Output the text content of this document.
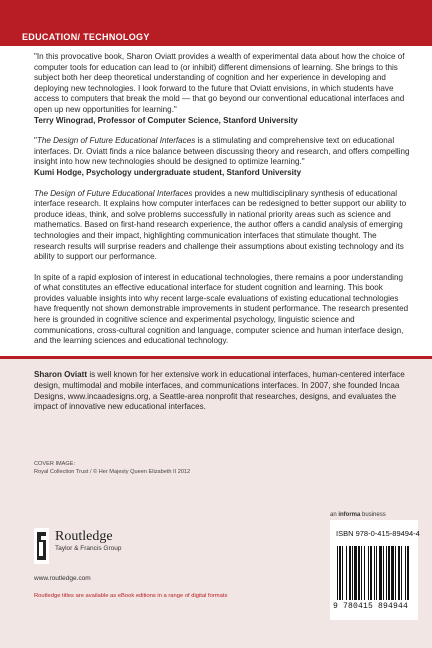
EDUCATION/ TECHNOLOGY

"In this provocative book, Sharon Oviatt provides a wealth of experimental data about how the choice of computer tools for education can lead to (or inhibit) different dimensions of learning. She brings to this subject both her deep theoretical understanding of cognition and her experience in developing and deploying new technologies. I look forward to the future that Oviatt envisions, in which students have access to computers that break the mold — that go beyond our conventional educational interfaces and open up new opportunities for learning."

Terry Winograd, Professor of Computer Science, Stanford University

"The Design of Future Educational Interfaces is a stimulating and comprehensive text on educational interfaces. Dr. Oviatt finds a nice balance between discussing theory and research, and offers compelling insight into how new technologies should be designed to optimize learning."

Kumi Hodge, Psychology undergraduate student, Stanford University

The Design of Future Educational Interfaces provides a new multidisciplinary synthesis of educational interface research. It explains how computer interfaces can be redesigned to better support our ability to produce ideas, think, and solve problems successfully in national priority areas such as science and mathematics. Based on first-hand research experience, the author offers a candid analysis of emerging technologies and their impact, highlighting communication interfaces that stimulate thought. The research results will surprise readers and challenge their assumptions about existing technology and its ability to support our performance.

In spite of a rapid explosion of interest in educational technologies, there remains a poor understanding of what constitutes an effective educational interface for student cognition and learning. This book provides valuable insights into why recent large-scale evaluations of existing educational technologies have frequently not shown demonstrable improvements in student performance. The research presented here is grounded in cognitive science and experimental psychology, linguistic science and communications, cross-cultural cognition and language, computer science and human interface design, and the learning sciences and educational technology.

Sharon Oviatt is well known for her extensive work in educational interfaces, human-centered interface design, multimodal and mobile interfaces, and communications interfaces. In 2007, she founded Incaa Designs, www.incaadesigns.org, a Seattle-area nonprofit that researches, designs, and evaluates the impact of innovative new educational interfaces.

COVER IMAGE:
Royal Collection Trust / © Her Majesty Queen Elizabeth II 2012
an informa business
Routledge
Taylor & Francis Group
www.routledge.com
Routledge titles are available as eBook editions in a range of digital formats
ISBN 978-0-415-89494-4
9 780415 894944
